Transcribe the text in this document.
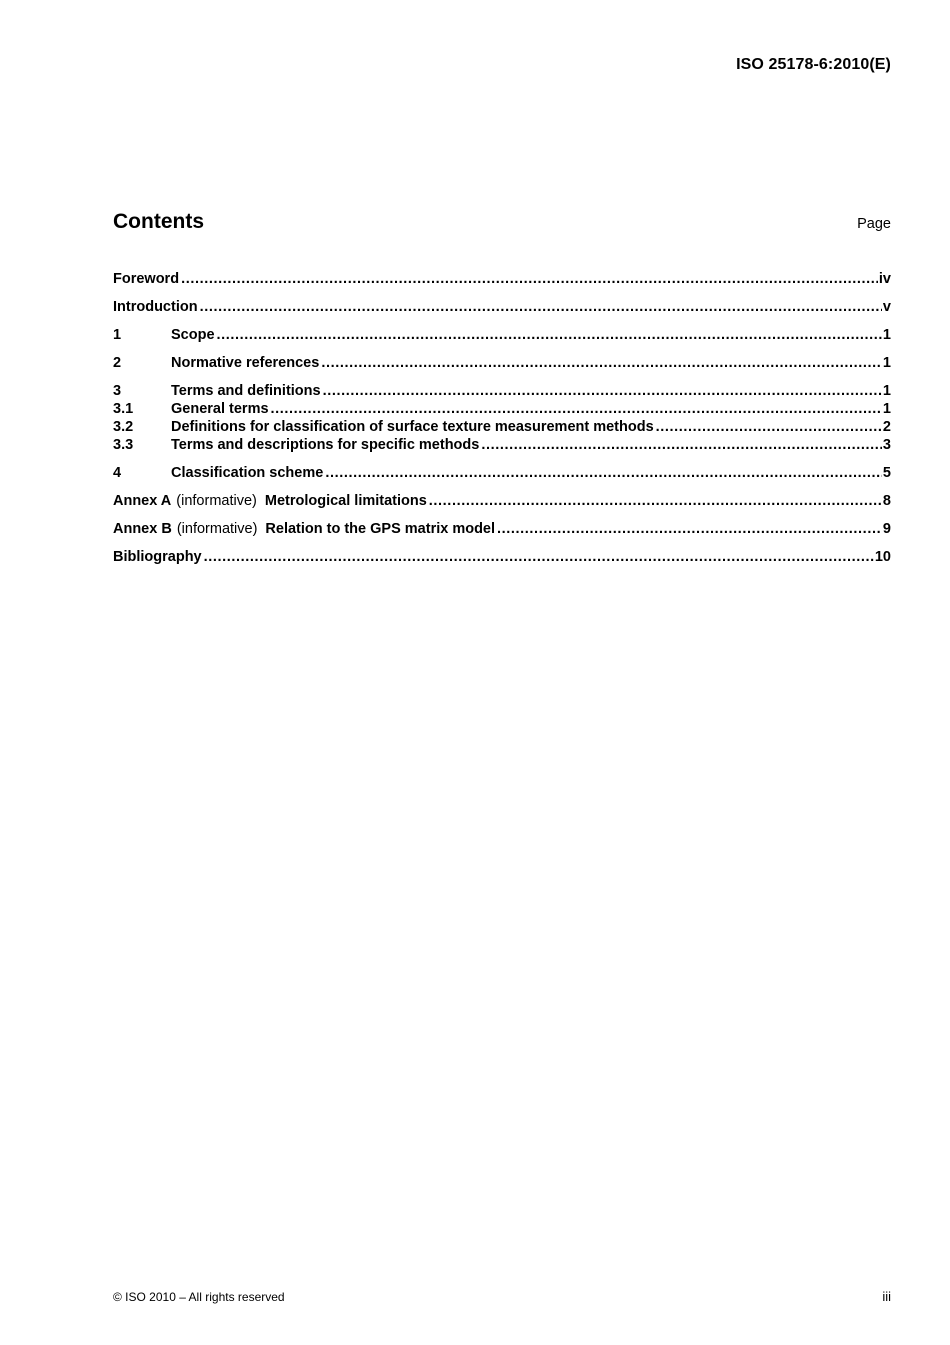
ISO 25178-6:2010(E)
Contents	Page
Foreword .....	iv
Introduction .....	v
1	Scope .....	1
2	Normative references .....	1
3	Terms and definitions .....	1
3.1	General terms .....	1
3.2	Definitions for classification of surface texture measurement methods .....	2
3.3	Terms and descriptions for specific methods .....	3
4	Classification scheme .....	5
Annex A (informative) Metrological limitations .....	8
Annex B (informative) Relation to the GPS matrix model .....	9
Bibliography .....	10
© ISO 2010 – All rights reserved	iii
